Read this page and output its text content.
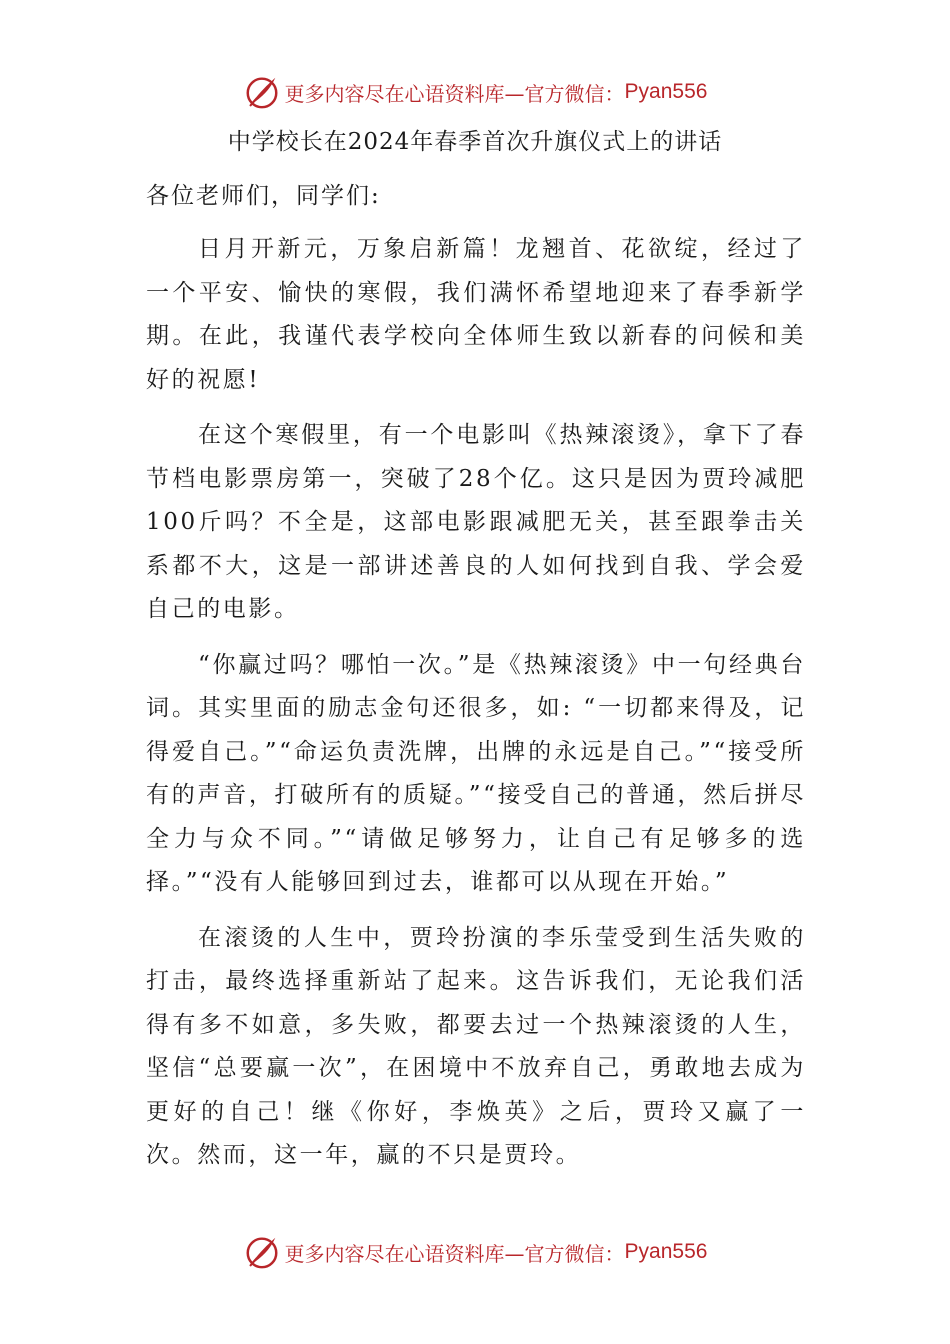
更多内容尽在心语资料库—官方微信： Pyan556
中学校长在2024年春季首次升旗仪式上的讲话
各位老师们，同学们:

日月开新元，万象启新篇！龙翘首、花欲绽，经过了一个平安、愉快的寒假，我们满怀希望地迎来了春季新学期。在此，我谨代表学校向全体师生致以新春的问候和美好的祝愿!

在这个寒假里，有一个电影叫《热辣滚烫》，拿下了春节档电影票房第一，突破了28个亿。这只是因为贾玲减肥100斤吗？不全是，这部电影跟减肥无关，甚至跟拳击关系都不大，这是一部讲述善良的人如何找到自我、学会爱自己的电影。

“你赢过吗？哪怕一次。”是《热辣滚烫》中一句经典台词。其实里面的励志金句还很多，如: “一切都来得及，记得爱自己。”“命运负责洗牌，出牌的永远是自己。”“接受所有的声音，打破所有的质疑。”“接受自己的普通，然后拼尽全力与众不同。”“请做足够努力，让自己有足够多的选择。”“没有人能够回到过去，谁都可以从现在开始。”

在滚烫的人生中，贾玲扮演的李乐莹受到生活失败的打击，最终选择重新站了起来。这告诉我们，无论我们活得有多不如意，多失败，都要去过一个热辣滚烫的人生，坚信“总要赢一次”，在困境中不放弃自己，勇敢地去成为更好的自己！继《你好，李焕英》之后，贾玲又赢了一次。然而，这一年，赢的不只是贾玲。

更多内容尽在心语资料库—官方微信： Pyan556
